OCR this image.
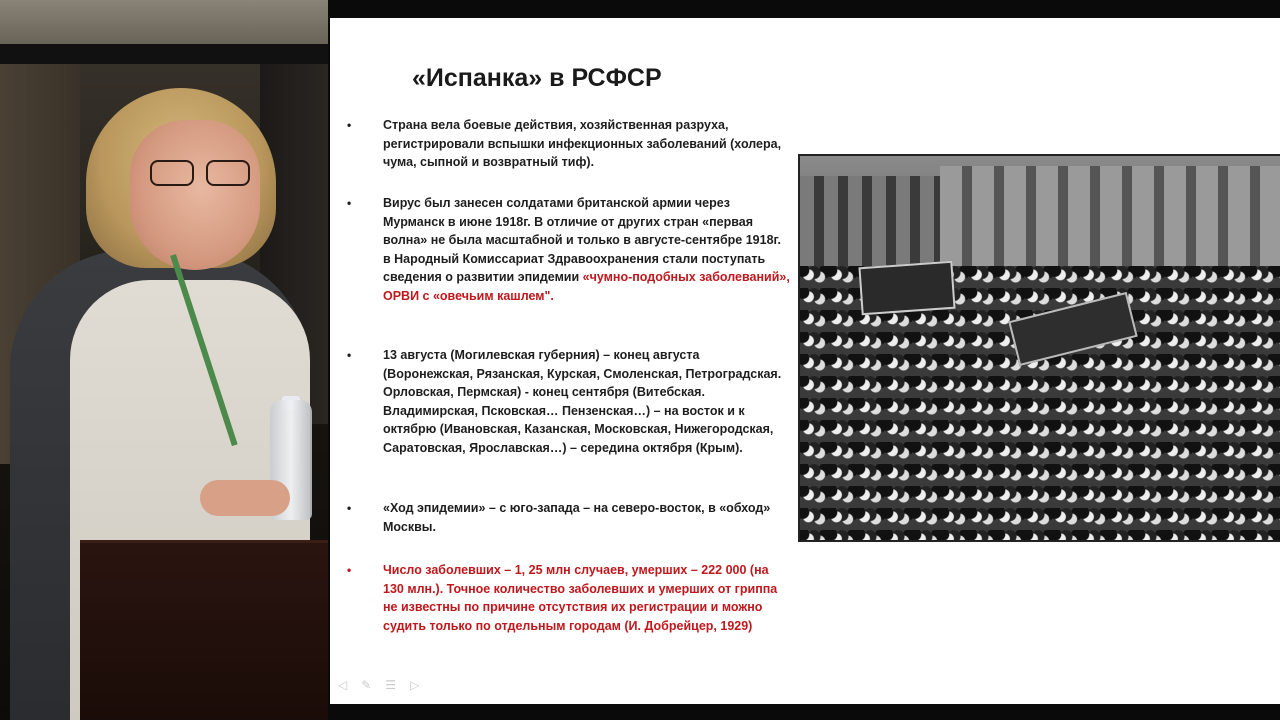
«Испанка» в РСФСР
•	Страна вела боевые действия, хозяйственная разруха, регистрировали вспышки инфекционных заболеваний (холера, чума, сыпной и возвратный тиф).
•	Вирус был занесен солдатами британской армии через Мурманск в июне 1918г. В отличие от других стран «первая волна» не была масштабной и только в августе-сентябре 1918г. в Народный Комиссариат Здравоохранения стали поступать сведения о развитии эпидемии «чумно-подобных заболеваний», ОРВИ с «овечьим кашлем".
•	13 августа (Могилевская губерния) – конец августа (Воронежская, Рязанская, Курская, Смоленская, Петроградская. Орловская, Пермская) - конец сентября (Витебская. Владимирская, Псковская… Пензенская…) – на восток и к октябрю (Ивановская, Казанская, Московская, Нижегородская, Саратовская, Ярославская…) – середина октября (Крым).
•	«Ход эпидемии» – с юго-запада – на северо-восток, в «обход» Москвы.
•	Число заболевших – 1, 25 млн случаев, умерших – 222 000 (на 130 млн.). Точное количество заболевших и умерших от гриппа не известны по причине отсутствия их регистрации и можно судить только по отдельным городам (И. Добрейцер, 1929)
◁ ✎ ☰ ▷
